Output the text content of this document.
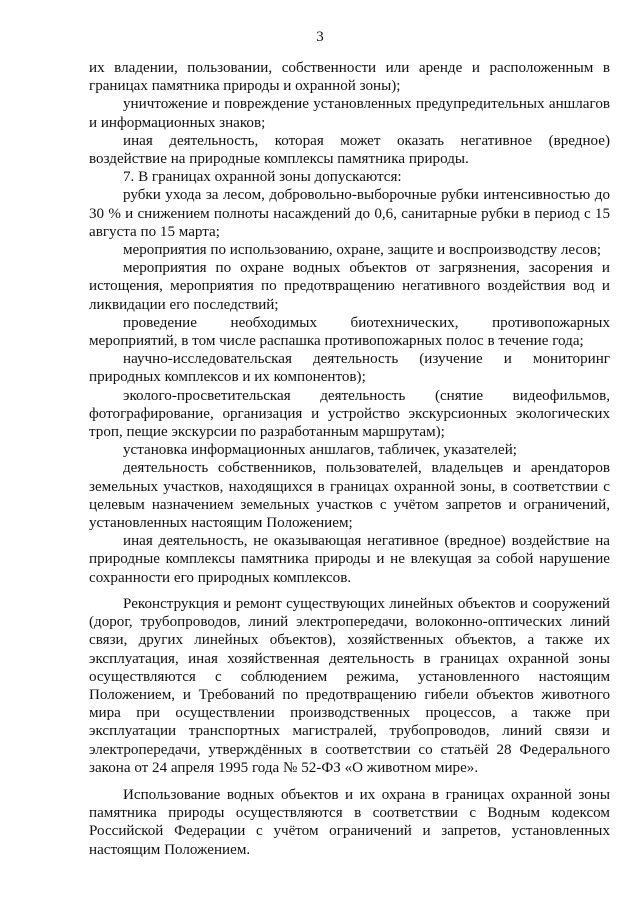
3

их владении, пользовании, собственности или аренде и расположенным в границах памятника природы и охранной зоны);

уничтожение и повреждение установленных предупредительных аншлагов и информационных знаков;

иная деятельность, которая может оказать негативное (вредное) воздействие на природные комплексы памятника природы.

7. В границах охранной зоны допускаются:

рубки ухода за лесом, добровольно-выборочные рубки интенсивностью до 30 % и снижением полноты насаждений до 0,6, санитарные рубки в период с 15 августа по 15 марта;

мероприятия по использованию, охране, защите и воспроизводству лесов;

мероприятия по охране водных объектов от загрязнения, засорения и истощения, мероприятия по предотвращению негативного воздействия вод и ликвидации его последствий;

проведение необходимых биотехнических, противопожарных мероприятий, в том числе распашка противопожарных полос в течение года;

научно-исследовательская деятельность (изучение и мониторинг природных комплексов и их компонентов);

эколого-просветительская деятельность (снятие видеофильмов, фотографирование, организация и устройство экскурсионных экологических троп, пещие экскурсии по разработанным маршрутам);

установка информационных аншлагов, табличек, указателей;

деятельность собственников, пользователей, владельцев и арендаторов земельных участков, находящихся в границах охранной зоны, в соответствии с целевым назначением земельных участков с учётом запретов и ограничений, установленных настоящим Положением;

иная деятельность, не оказывающая негативное (вредное) воздействие на природные комплексы памятника природы и не влекущая за собой нарушение сохранности его природных комплексов.

Реконструкция и ремонт существующих линейных объектов и сооружений (дорог, трубопроводов, линий электропередачи, волоконно-оптических линий связи, других линейных объектов), хозяйственных объектов, а также их эксплуатация, иная хозяйственная деятельность в границах охранной зоны осуществляются с соблюдением режима, установленного настоящим Положением, и Требований по предотвращению гибели объектов животного мира при осуществлении производственных процессов, а также при эксплуатации транспортных магистралей, трубопроводов, линий связи и электропередачи, утверждённых в соответствии со статьёй 28 Федерального закона от 24 апреля 1995 года № 52-ФЗ «О животном мире».

Использование водных объектов и их охрана в границах охранной зоны памятника природы осуществляются в соответствии с Водным кодексом Российской Федерации с учётом ограничений и запретов, установленных настоящим Положением.
